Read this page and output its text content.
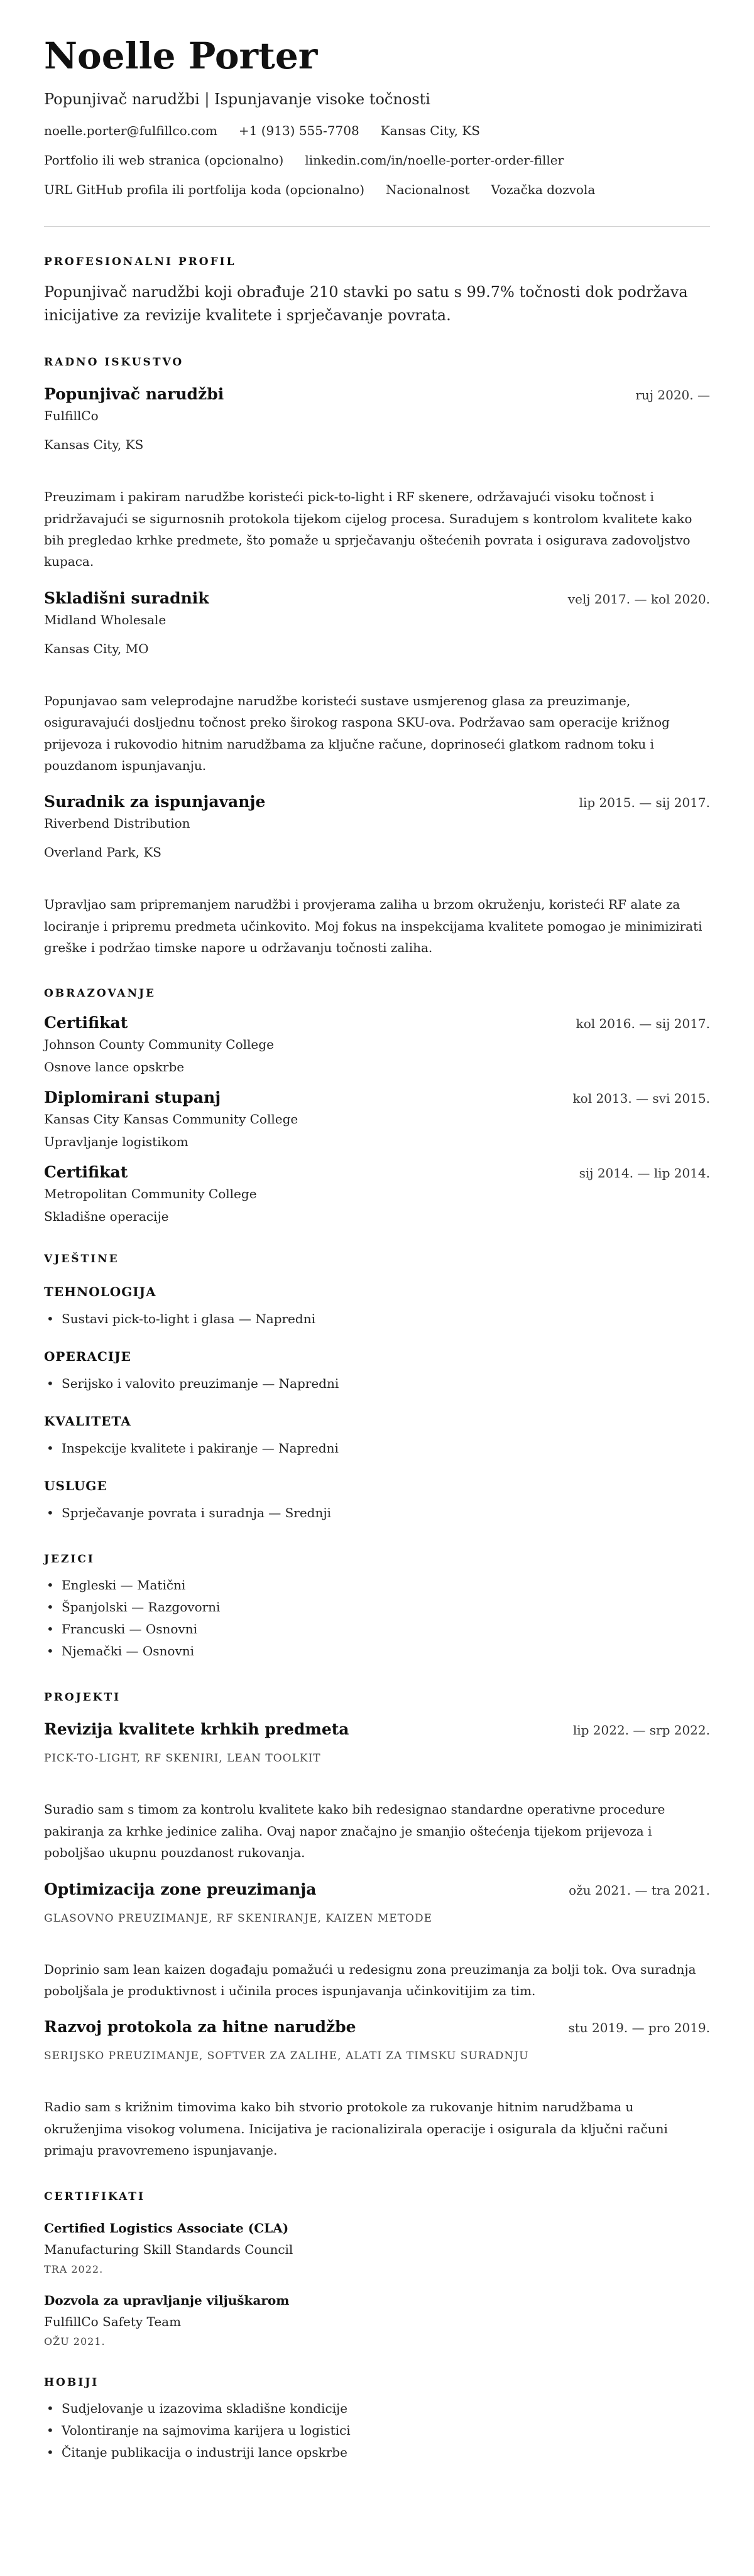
Noelle Porter
Popunjivač narudžbi | Ispunjavanje visoke točnosti
noelle.porter@fulfillco.com +1 (913) 555-7708 Kansas City, KS
Portfolio ili web stranica (opcionalno) linkedin.com/in/noelle-porter-order-filler
URL GitHub profila ili portfolija koda (opcionalno) Nacionalnost Vozačka dozvola
PROFESIONALNI PROFIL

Popunjivač narudžbi koji obrađuje 210 stavki po satu s 99.7% točnosti dok podržava inicijative za revizije kvalitete i sprječavanje povrata.

RADNO ISKUSTVO
Popunjivač narudžbi	ruj 2020. —
FulfillCo
Kansas City, KS

Preuzimam i pakiram narudžbe koristeći pick-to-light i RF skenere, održavajući visoku točnost i pridržavajući se sigurnosnih protokola tijekom cijelog procesa. Suradujem s kontrolom kvalitete kako bih pregledao krhke predmete, što pomaže u sprječavanju oštećenih povrata i osigurava zadovoljstvo kupaca.

Skladišni suradnik	velj 2017. — kol 2020.
Midland Wholesale
Kansas City, MO

Popunjavao sam veleprodajne narudžbe koristeći sustave usmjerenog glasa za preuzimanje, osiguravajući dosljednu točnost preko širokog raspona SKU-ova. Podržavao sam operacije križnog prijevoza i rukovodio hitnim narudžbama za ključne račune, doprinoseći glatkom radnom toku i pouzdanom ispunjavanju.

Suradnik za ispunjavanje	lip 2015. — sij 2017.
Riverbend Distribution
Overland Park, KS

Upravljao sam pripremanjem narudžbi i provjerama zaliha u brzom okruženju, koristeći RF alate za lociranje i pripremu predmeta učinkovito. Moj fokus na inspekcijama kvalitete pomogao je minimizirati greške i podržao timske napore u održavanju točnosti zaliha.

OBRAZOVANJE
Certifikat	kol 2016. — sij 2017.
Johnson County Community College
Osnove lance opskrbe
Diplomirani stupanj	kol 2013. — svi 2015.
Kansas City Kansas Community College
Upravljanje logistikom
Certifikat	sij 2014. — lip 2014.
Metropolitan Community College
Skladišne operacije
VJEŠTINE
TEHNOLOGIJA
• Sustavi pick-to-light i glasa — Napredni
OPERACIJE
• Serijsko i valovito preuzimanje — Napredni
KVALITETA
• Inspekcije kvalitete i pakiranje — Napredni
USLUGE
• Sprječavanje povrata i suradnja — Srednji
JEZICI
• Engleski — Matični
• Španjolski — Razgovorni
• Francuski — Osnovni
• Njemački — Osnovni
PROJEKTI
Revizija kvalitete krhkih predmeta	lip 2022. — srp 2022.
PICK-TO-LIGHT, RF SKENIRI, LEAN TOOLKIT

Suradio sam s timom za kontrolu kvalitete kako bih redesignao standardne operativne procedure pakiranja za krhke jedinice zaliha. Ovaj napor značajno je smanjio oštećenja tijekom prijevoza i poboljšao ukupnu pouzdanost rukovanja.

Optimizacija zone preuzimanja	ožu 2021. — tra 2021.
GLASOVNO PREUZIMANJE, RF SKENIRANJE, KAIZEN METODE

Doprinio sam lean kaizen događaju pomažući u redesignu zona preuzimanja za bolji tok. Ova suradnja poboljšala je produktivnost i učinila proces ispunjavanja učinkovitijim za tim.

Razvoj protokola za hitne narudžbe	stu 2019. — pro 2019.
SERIJSKO PREUZIMANJE, SOFTVER ZA ZALIHE, ALATI ZA TIMSKU SURADNJU

Radio sam s križnim timovima kako bih stvorio protokole za rukovanje hitnim narudžbama u okruženjima visokog volumena. Inicijativa je racionalizirala operacije i osigurala da ključni računi primaju pravovremeno ispunjavanje.

CERTIFIKATI
Certified Logistics Associate (CLA)
Manufacturing Skill Standards Council
TRA 2022.
Dozvola za upravljanje viljuškarom
FulfillCo Safety Team
OŽU 2021.
HOBIJI
• Sudjelovanje u izazovima skladišne kondicije
• Volontiranje na sajmovima karijera u logistici
• Čitanje publikacija o industriji lance opskrbe
